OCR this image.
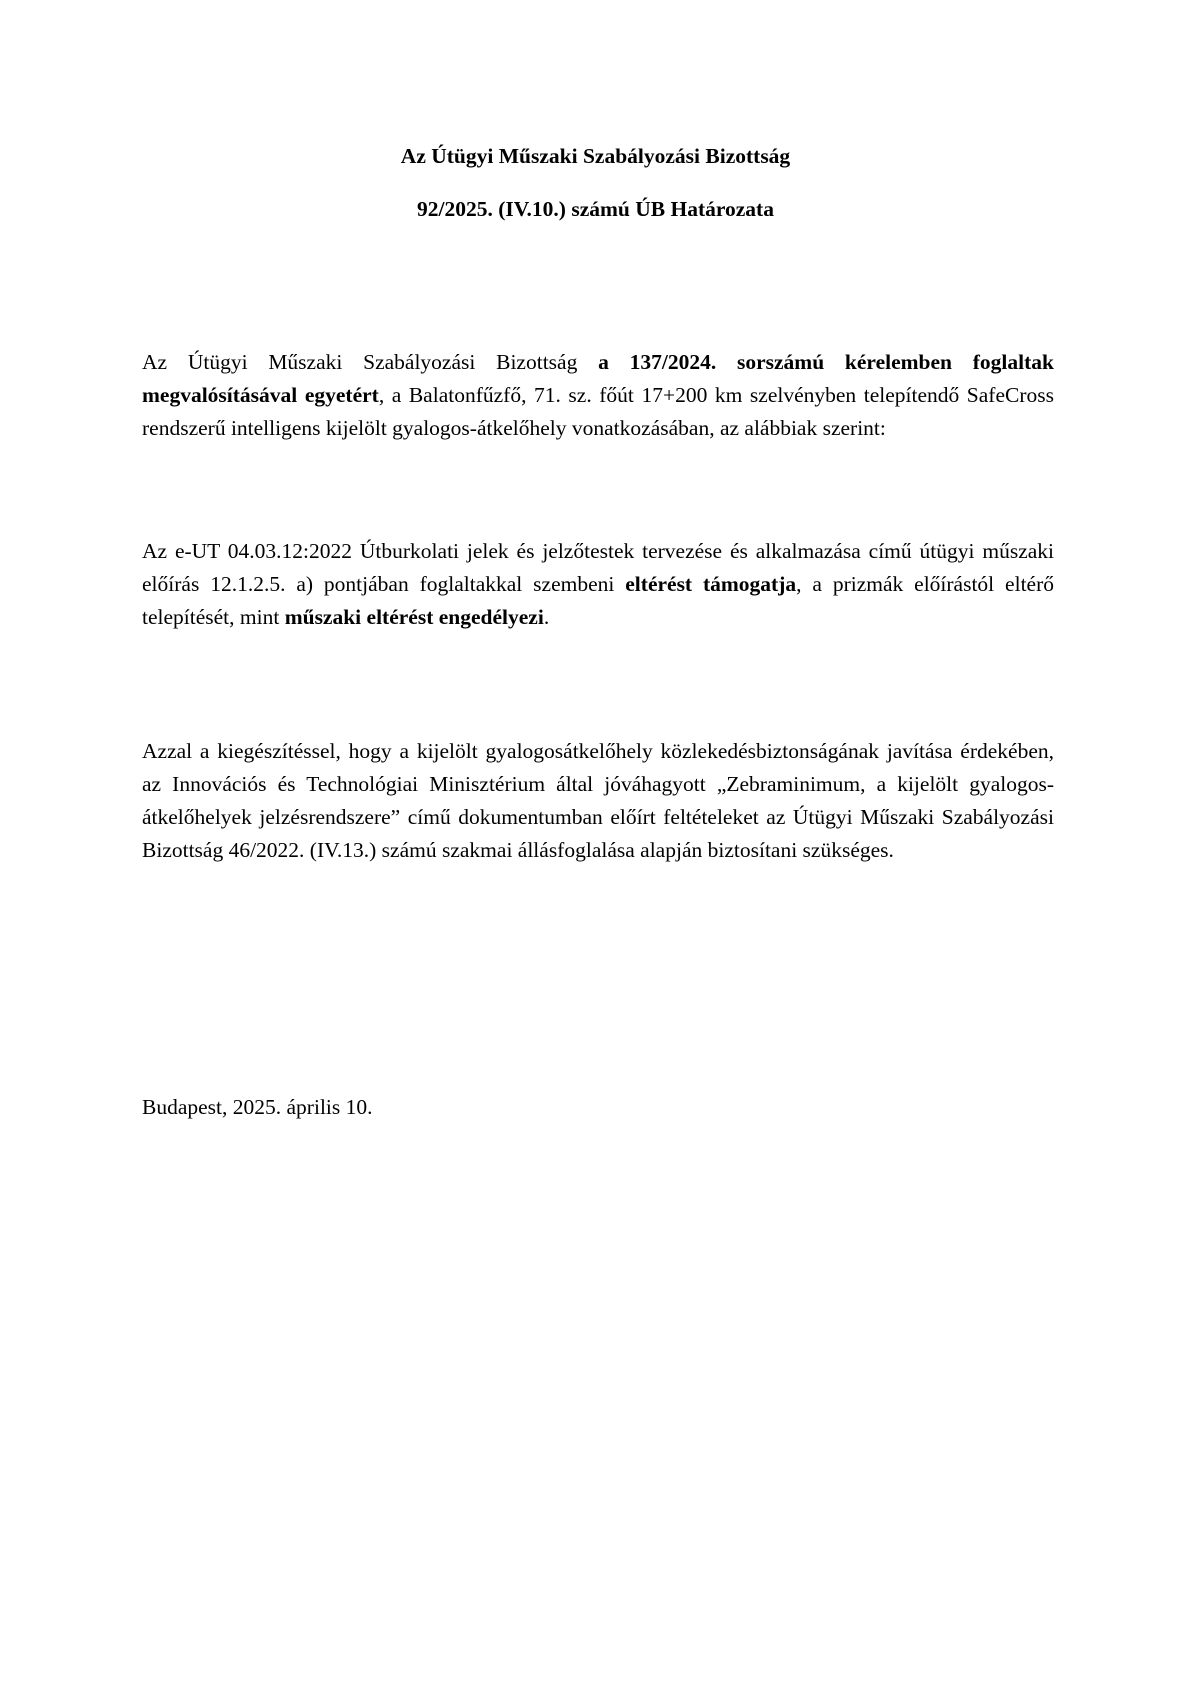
Az Útügyi Műszaki Szabályozási Bizottság
92/2025. (IV.10.) számú ÚB Határozata

Az Útügyi Műszaki Szabályozási Bizottság a 137/2024. sorszámú kérelemben foglaltak megvalósításával egyetért, a Balatonfűzfő, 71. sz. főút 17+200 km szelvényben telepítendő SafeCross rendszerű intelligens kijelölt gyalogos-átkelőhely vonatkozásában, az alábbiak szerint:

Az e-UT 04.03.12:2022 Útburkolati jelek és jelzőtestek tervezése és alkalmazása című útügyi műszaki előírás 12.1.2.5. a) pontjában foglaltakkal szembeni eltérést támogatja, a prizmák előírástól eltérő telepítését, mint műszaki eltérést engedélyezi.

Azzal a kiegészítéssel, hogy a kijelölt gyalogosátkelőhely közlekedésbiztonságának javítása érdekében, az Innovációs és Technológiai Minisztérium által jóváhagyott „Zebraminimum, a kijelölt gyalogos-átkelőhelyek jelzésrendszere” című dokumentumban előírt feltételeket az Útügyi Műszaki Szabályozási Bizottság 46/2022. (IV.13.) számú szakmai állásfoglalása alapján biztosítani szükséges.

Budapest, 2025. április 10.
